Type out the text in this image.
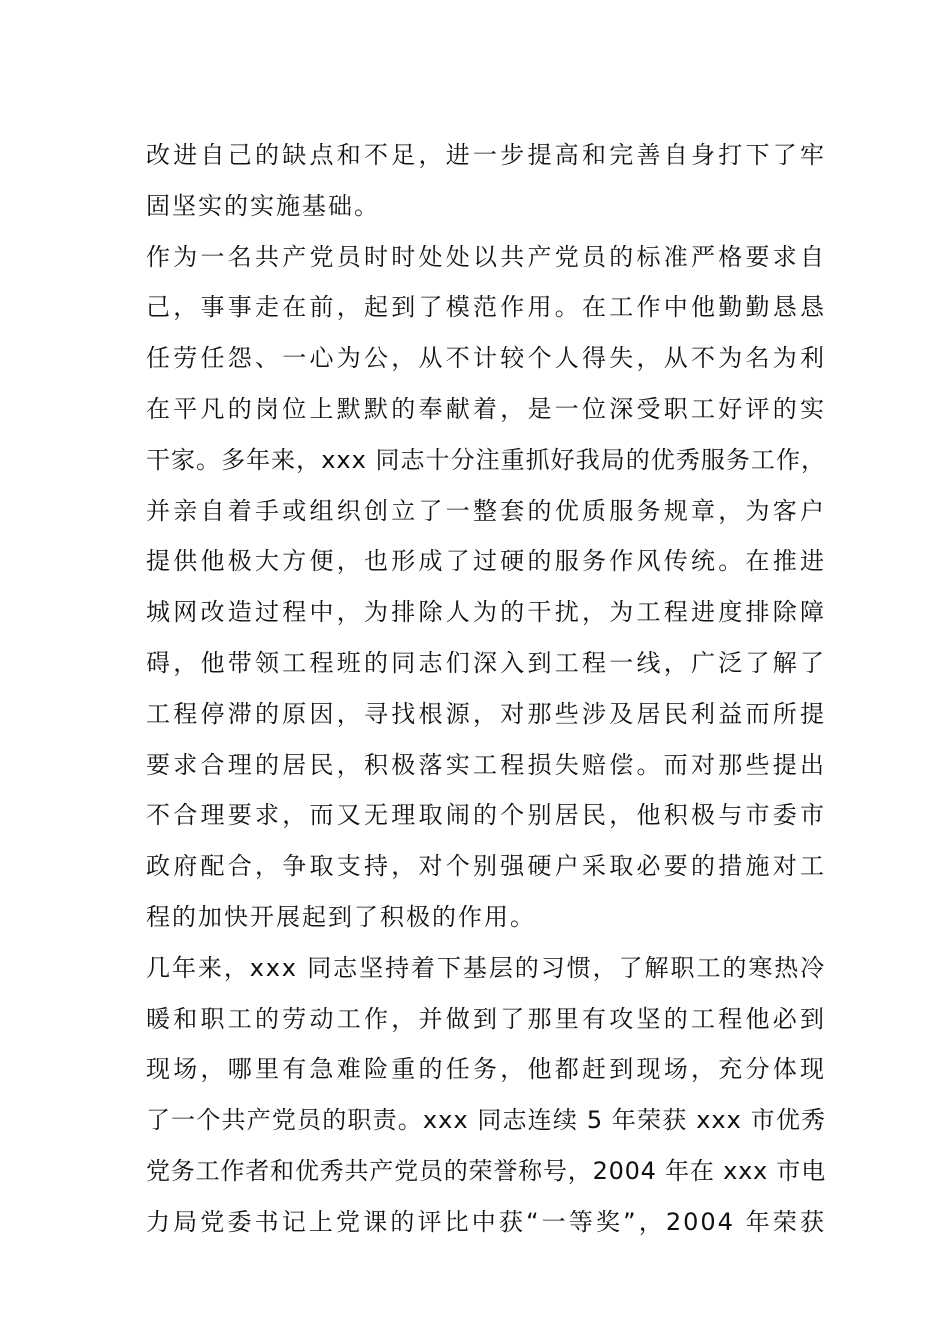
改进自己的缺点和不足，进一步提高和完善自身打下了牢
固坚实的实施基础。
作为一名共产党员时时处处以共产党员的标准严格要求自
己，事事走在前，起到了模范作用。在工作中他勤勤恳恳
任劳任怨、一心为公，从不计较个人得失，从不为名为利
在平凡的岗位上默默的奉献着，是一位深受职工好评的实
干家。多年来，xxx 同志十分注重抓好我局的优秀服务工作，
并亲自着手或组织创立了一整套的优质服务规章，为客户
提供他极大方便，也形成了过硬的服务作风传统。在推进
城网改造过程中，为排除人为的干扰，为工程进度排除障
碍，他带领工程班的同志们深入到工程一线，广泛了解了
工程停滞的原因，寻找根源，对那些涉及居民利益而所提
要求合理的居民，积极落实工程损失赔偿。而对那些提出
不合理要求，而又无理取闹的个别居民，他积极与市委市
政府配合，争取支持，对个别强硬户采取必要的措施对工
程的加快开展起到了积极的作用。
几年来，xxx 同志坚持着下基层的习惯，了解职工的寒热冷
暖和职工的劳动工作，并做到了那里有攻坚的工程他必到
现场，哪里有急难险重的任务，他都赶到现场，充分体现
了一个共产党员的职责。xxx 同志连续 5 年荣获 xxx 市优秀
党务工作者和优秀共产党员的荣誉称号，2004 年在 xxx 市电
力局党委书记上党课的评比中获“一等奖”，2004 年荣获
